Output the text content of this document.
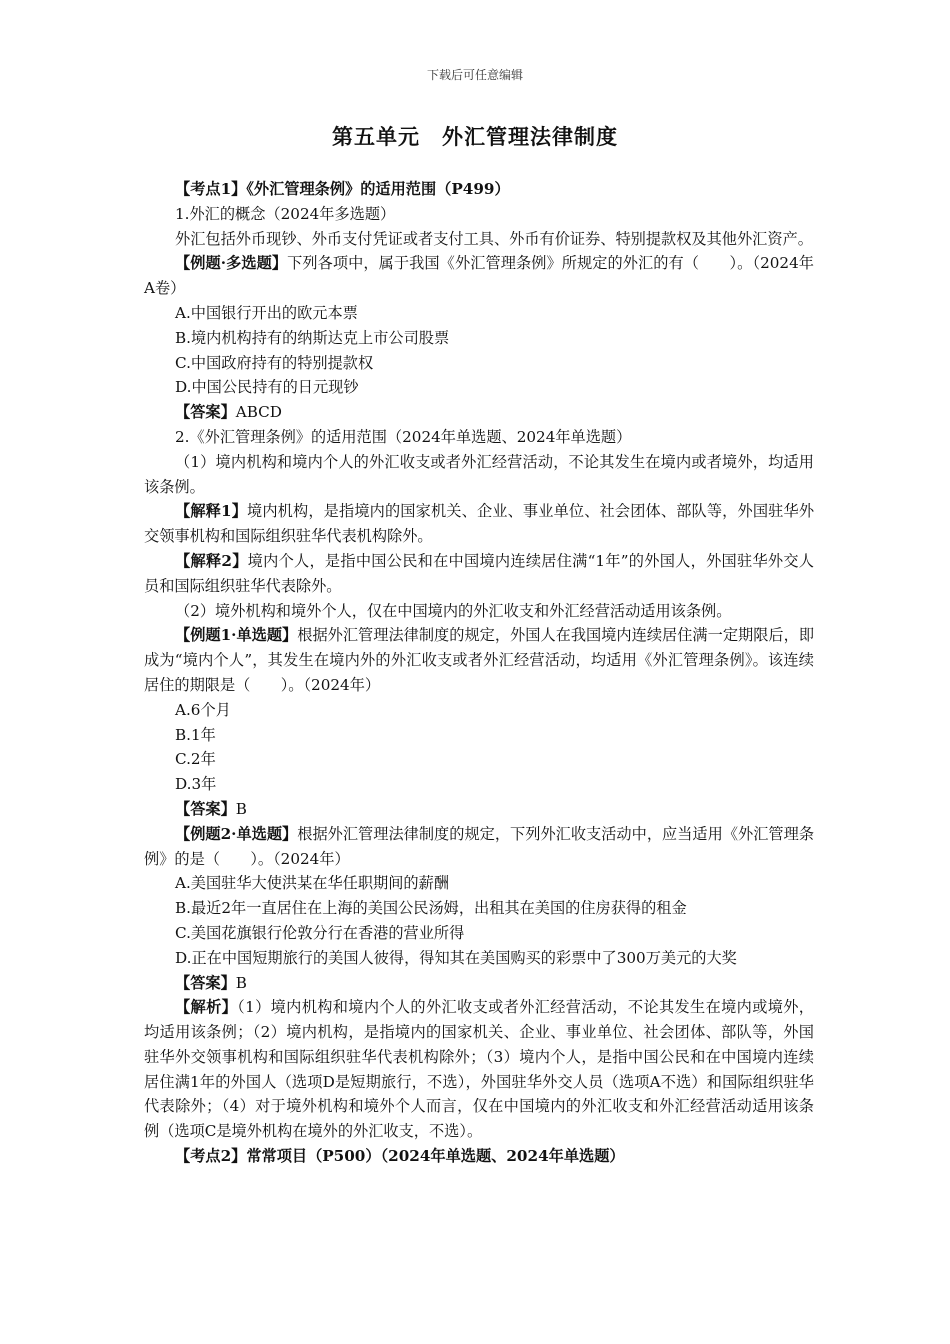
下载后可任意编辑
第五单元　外汇管理法律制度

【考点1】《外汇管理条例》的适用范围（P499）

1.外汇的概念（2024年多选题）

外汇包括外币现钞、外币支付凭证或者支付工具、外币有价证券、特别提款权及其他外汇资产。

【例题·多选题】下列各项中，属于我国《外汇管理条例》所规定的外汇的有（　　）。（2024年A卷）

A.中国银行开出的欧元本票

B.境内机构持有的纳斯达克上市公司股票

C.中国政府持有的特别提款权

D.中国公民持有的日元现钞

【答案】ABCD

2.《外汇管理条例》的适用范围（2024年单选题、2024年单选题）

（1）境内机构和境内个人的外汇收支或者外汇经营活动，不论其发生在境内或者境外，均适用该条例。

【解释1】境内机构，是指境内的国家机关、企业、事业单位、社会团体、部队等，外国驻华外交领事机构和国际组织驻华代表机构除外。

【解释2】境内个人，是指中国公民和在中国境内连续居住满“1年”的外国人，外国驻华外交人员和国际组织驻华代表除外。

（2）境外机构和境外个人，仅在中国境内的外汇收支和外汇经营活动适用该条例。

【例题1·单选题】根据外汇管理法律制度的规定，外国人在我国境内连续居住满一定期限后，即成为“境内个人”，其发生在境内外的外汇收支或者外汇经营活动，均适用《外汇管理条例》。该连续居住的期限是（　　）。（2024年）

A.6个月

B.1年

C.2年

D.3年

【答案】B

【例题2·单选题】根据外汇管理法律制度的规定，下列外汇收支活动中，应当适用《外汇管理条例》的是（　　）。（2024年）

A.美国驻华大使洪某在华任职期间的薪酬

B.最近2年一直居住在上海的美国公民汤姆，出租其在美国的住房获得的租金

C.美国花旗银行伦敦分行在香港的营业所得

D.正在中国短期旅行的美国人彼得，得知其在美国购买的彩票中了300万美元的大奖

【答案】B

【解析】（1）境内机构和境内个人的外汇收支或者外汇经营活动，不论其发生在境内或境外，均适用该条例；（2）境内机构，是指境内的国家机关、企业、事业单位、社会团体、部队等，外国驻华外交领事机构和国际组织驻华代表机构除外；（3）境内个人，是指中国公民和在中国境内连续居住满1年的外国人（选项D是短期旅行，不选），外国驻华外交人员（选项A不选）和国际组织驻华代表除外；（4）对于境外机构和境外个人而言，仅在中国境内的外汇收支和外汇经营活动适用该条例（选项C是境外机构在境外的外汇收支，不选）。

【考点2】常常项目（P500）（2024年单选题、2024年单选题）
